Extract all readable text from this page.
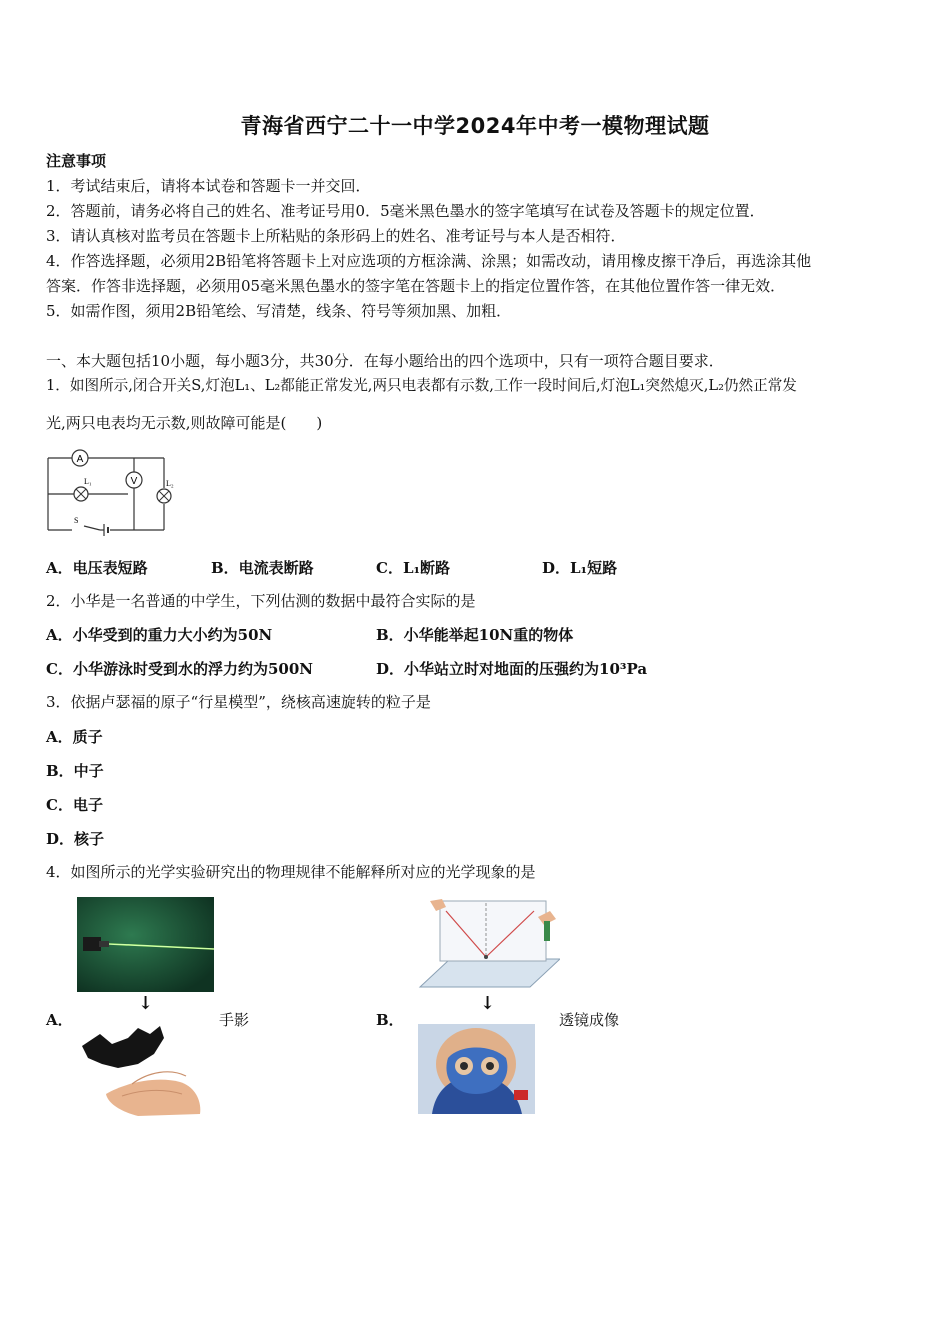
青海省西宁二十一中学2024年中考一模物理试题
注意事项
1．考试结束后，请将本试卷和答题卡一并交回．
2．答题前，请务必将自己的姓名、准考证号用0．5毫米黑色墨水的签字笔填写在试卷及答题卡的规定位置．
3．请认真核对监考员在答题卡上所粘贴的条形码上的姓名、准考证号与本人是否相符．
4．作答选择题，必须用2B铅笔将答题卡上对应选项的方框涂满、涂黑；如需改动，请用橡皮擦干净后，再选涂其他
答案．作答非选择题，必须用05毫米黑色墨水的签字笔在答题卡上的指定位置作答，在其他位置作答一律无效．
5．如需作图，须用2B铅笔绘、写清楚，线条、符号等须加黑、加粗．
一、本大题包括10小题，每小题3分，共30分．在每小题给出的四个选项中，只有一项符合题目要求．
1．如图所示,闭合开关S,灯泡L₁、L₂都能正常发光,两只电表都有示数,工作一段时间后,灯泡L₁突然熄灭,L₂仍然正常发
光,两只电表均无示数,则故障可能是(　　)
A
V
L₁	L₂
S
A．电压表短路	B．电流表断路	C．L₁断路	D．L₁短路
2．小华是一名普通的中学生，下列估测的数据中最符合实际的是
A．小华受到的重力大小约为50N	B．小华能举起10N重的物体
C．小华游泳时受到水的浮力约为500N	D．小华站立时对地面的压强约为10³Pa
3．依据卢瑟福的原子“行星模型”，绕核高速旋转的粒子是
A．质子
B．中子
C．电子
D．核子
4．如图所示的光学实验研究出的物理规律不能解释所对应的光学现象的是
↓
A．	手影
↓
B．	透镜成像
